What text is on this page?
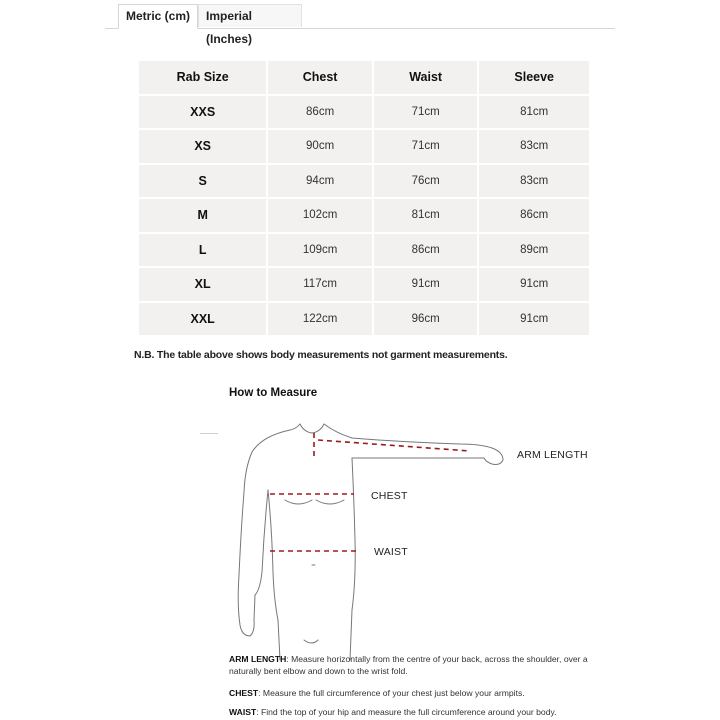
Metric (cm)	Imperial (Inches)
Rab Size	Chest	Waist	Sleeve
XXS	86cm	71cm	81cm
XS	90cm	71cm	83cm
S	94cm	76cm	83cm
M	102cm	81cm	86cm
L	109cm	86cm	89cm
XL	117cm	91cm	91cm
XXL	122cm	96cm	91cm
N.B. The table above shows body measurements not garment measurements.
How to Measure
ARM LENGTH
CHEST
WAIST
ARM LENGTH: Measure horizontally from the centre of your back, across the shoulder, over a naturally bent elbow and down to the wrist fold.
CHEST: Measure the full circumference of your chest just below your armpits.
WAIST: Find the top of your hip and measure the full circumference around your body.
